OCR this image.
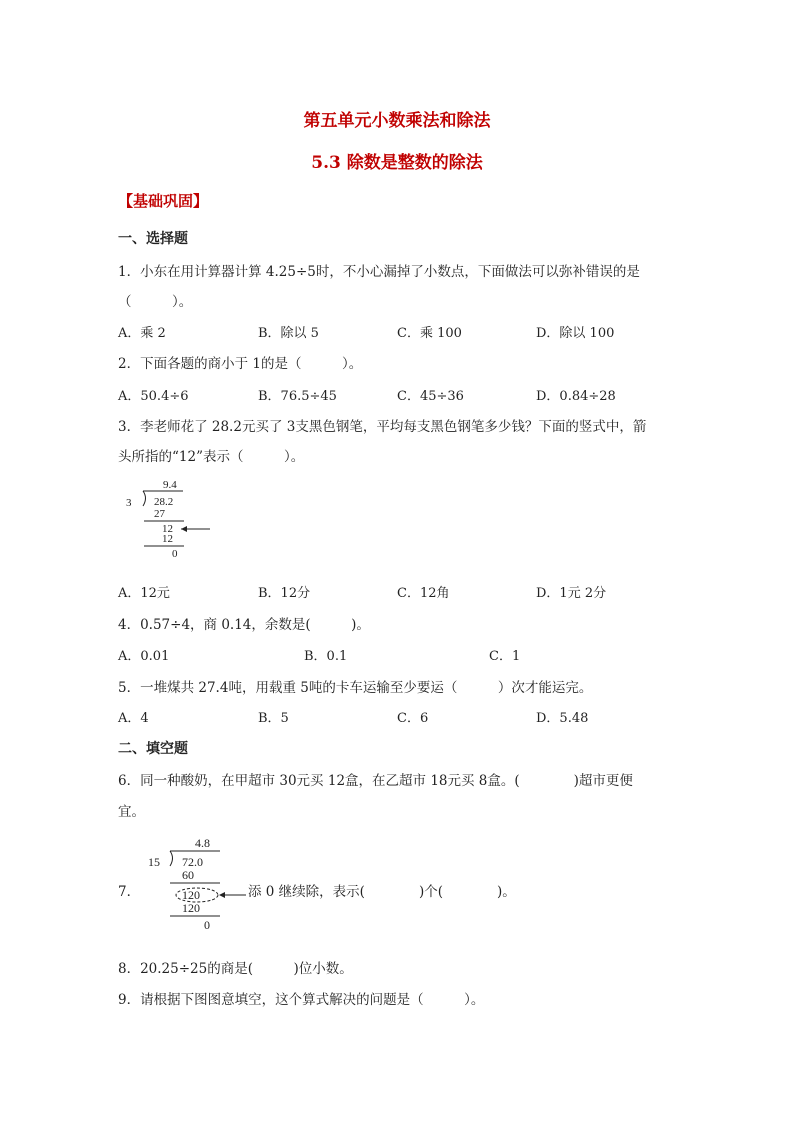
第五单元小数乘法和除法
5.3 除数是整数的除法
【基础巩固】
一、选择题
1．小东在用计算器计算 4.25÷5时，不小心漏掉了小数点，下面做法可以弥补错误的是
（　　　）。
A．乘 2	B．除以 5	C．乘 100	D．除以 100
2．下面各题的商小于 1的是（　　　）。
A．50.4÷6	B．76.5÷45	C．45÷36	D．0.84÷28
3．李老师花了 28.2元买了 3支黑色钢笔，平均每支黑色钢笔多少钱？下面的竖式中，箭
头所指的“12”表示（　　　）。
9.4
3 28.2
27
12
12
0
A．12元	B．12分	C．12角	D．1元 2分
4．0.57÷4，商 0.14，余数是(　　　)。
A．0.01	B．0.1	C．1
5．一堆煤共 27.4吨，用载重 5吨的卡车运输至少要运（　　　）次才能运完。
A．4	B．5	C．6	D．5.48
二、填空题
6．同一种酸奶，在甲超市 30元买 12盒，在乙超市 18元买 8盒。(　　　　)超市更便
宜。
7．
4.8
15 72.0
60
120
120
0
添 0 继续除，表示(　　　　)个(　　　　)。
8．20.25÷25的商是(　　　)位小数。
9．请根据下图图意填空，这个算式解决的问题是（　　　）。
